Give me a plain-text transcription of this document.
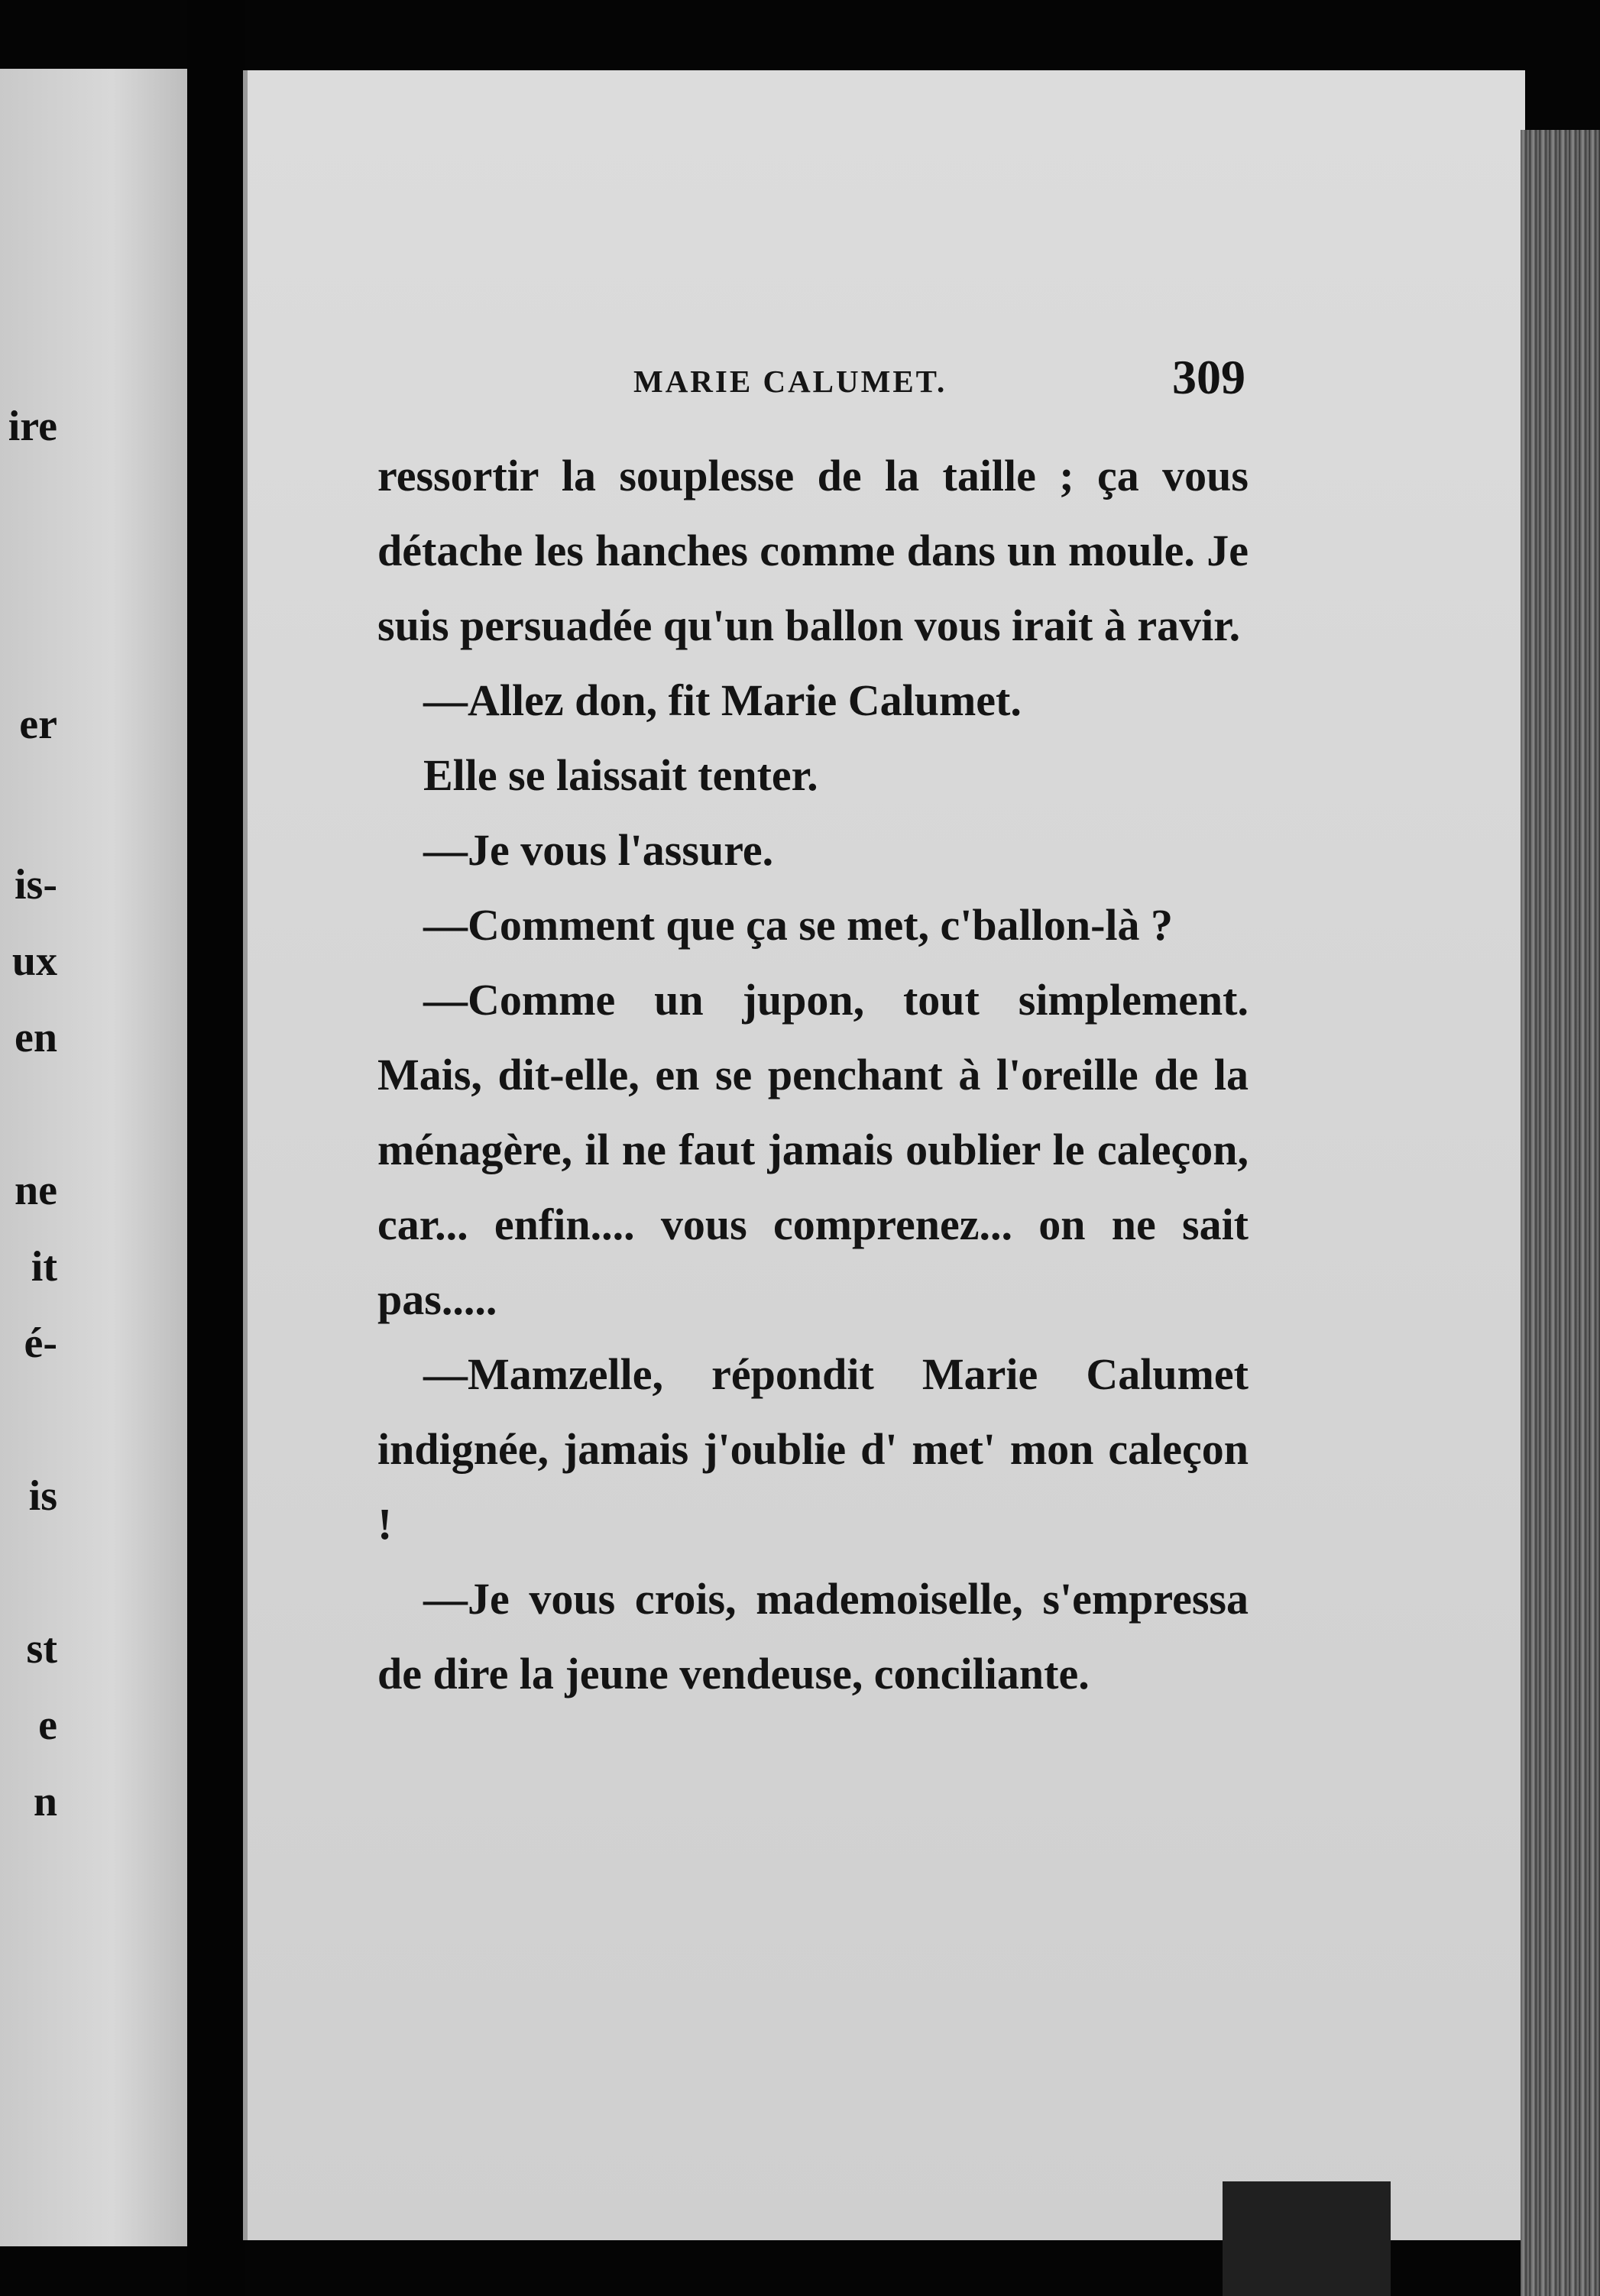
ire
er
is-
ux
en
ne
it
é-
is
st
e
n
MARIE CALUMET.	309

ressortir la souplesse de la taille ; ça vous détache les hanches comme dans un moule. Je suis persuadée qu'un ballon vous irait à ravir.

—Allez don, fit Marie Calumet.

Elle se laissait tenter.

—Je vous l'assure.

—Comment que ça se met, c'ballon-là ?

—Comme un jupon, tout simplement. Mais, dit-elle, en se penchant à l'oreille de la ménagère, il ne faut jamais oublier le caleçon, car... enfin.... vous comprenez... on ne sait pas.....

—Mamzelle, répondit Marie Calumet indignée, jamais j'oublie d' met' mon caleçon !

—Je vous crois, mademoiselle, s'empressa de dire la jeune vendeuse, conciliante.
